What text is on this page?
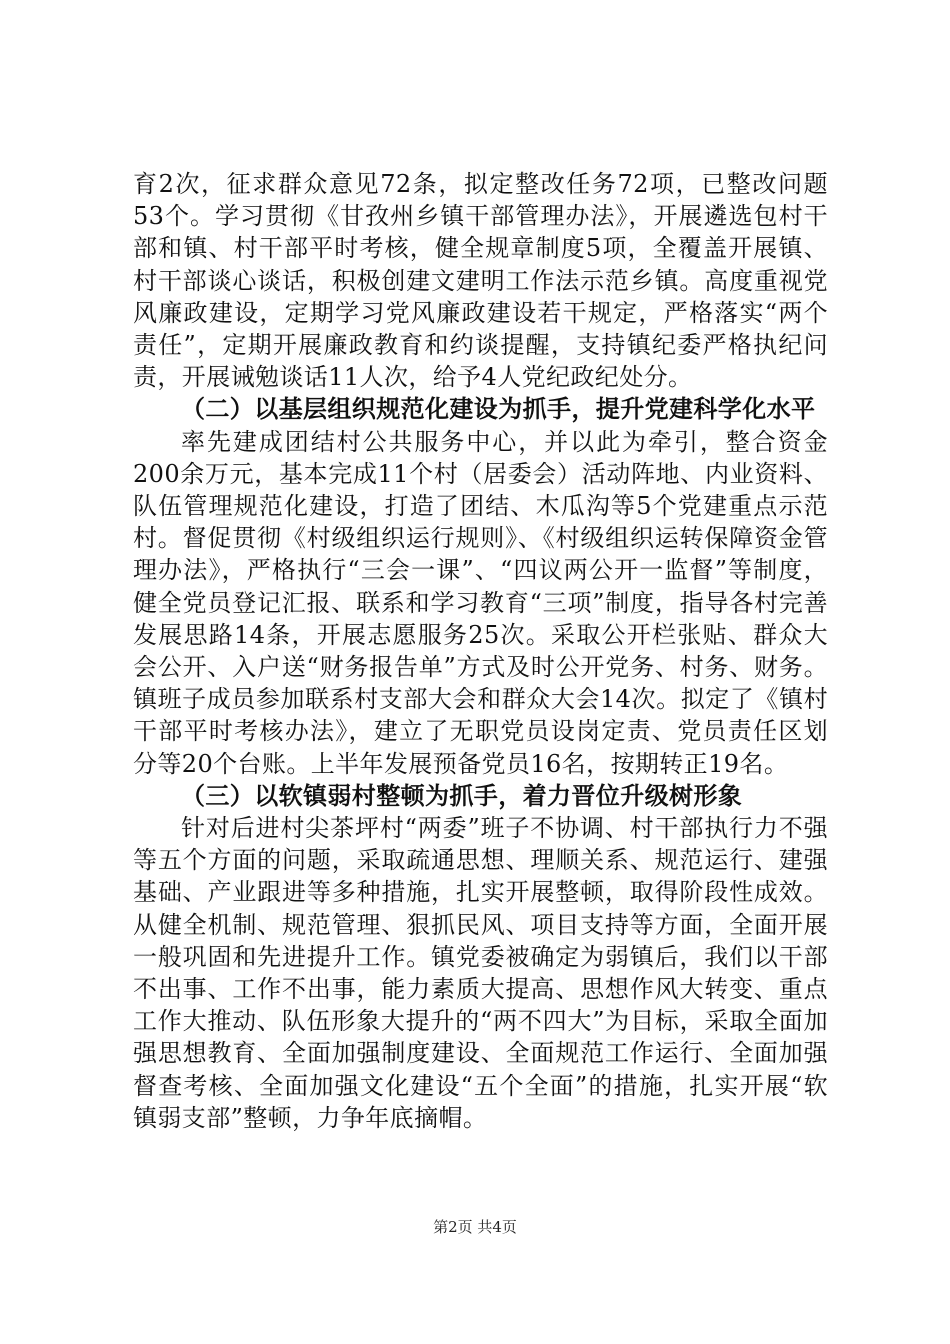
育2次，征求群众意见72条，拟定整改任务72项，已整改问题53个。学习贯彻《甘孜州乡镇干部管理办法》，开展遴选包村干部和镇、村干部平时考核，健全规章制度5项，全覆盖开展镇、村干部谈心谈话，积极创建文建明工作法示范乡镇。高度重视党风廉政建设，定期学习党风廉政建设若干规定，严格落实“两个责任”，定期开展廉政教育和约谈提醒，支持镇纪委严格执纪问责，开展诫勉谈话11人次，给予4人党纪政纪处分。

（二）以基层组织规范化建设为抓手，提升党建科学化水平

率先建成团结村公共服务中心，并以此为牵引，整合资金200余万元，基本完成11个村（居委会）活动阵地、内业资料、队伍管理规范化建设，打造了团结、木瓜沟等5个党建重点示范村。督促贯彻《村级组织运行规则》、《村级组织运转保障资金管理办法》，严格执行“三会一课”、“四议两公开一监督”等制度，健全党员登记汇报、联系和学习教育“三项”制度，指导各村完善发展思路14条，开展志愿服务25次。采取公开栏张贴、群众大会公开、入户送“财务报告单”方式及时公开党务、村务、财务。镇班子成员参加联系村支部大会和群众大会14次。拟定了《镇村干部平时考核办法》，建立了无职党员设岗定责、党员责任区划分等20个台账。上半年发展预备党员16名，按期转正19名。

（三）以软镇弱村整顿为抓手，着力晋位升级树形象

针对后进村尖茶坪村“两委”班子不协调、村干部执行力不强等五个方面的问题，采取疏通思想、理顺关系、规范运行、建强基础、产业跟进等多种措施，扎实开展整顿，取得阶段性成效。从健全机制、规范管理、狠抓民风、项目支持等方面，全面开展一般巩固和先进提升工作。镇党委被确定为弱镇后，我们以干部不出事、工作不出事，能力素质大提高、思想作风大转变、重点工作大推动、队伍形象大提升的“两不四大”为目标，采取全面加强思想教育、全面加强制度建设、全面规范工作运行、全面加强督查考核、全面加强文化建设“五个全面”的措施，扎实开展“软镇弱支部”整顿，力争年底摘帽。

第2页 共4页
